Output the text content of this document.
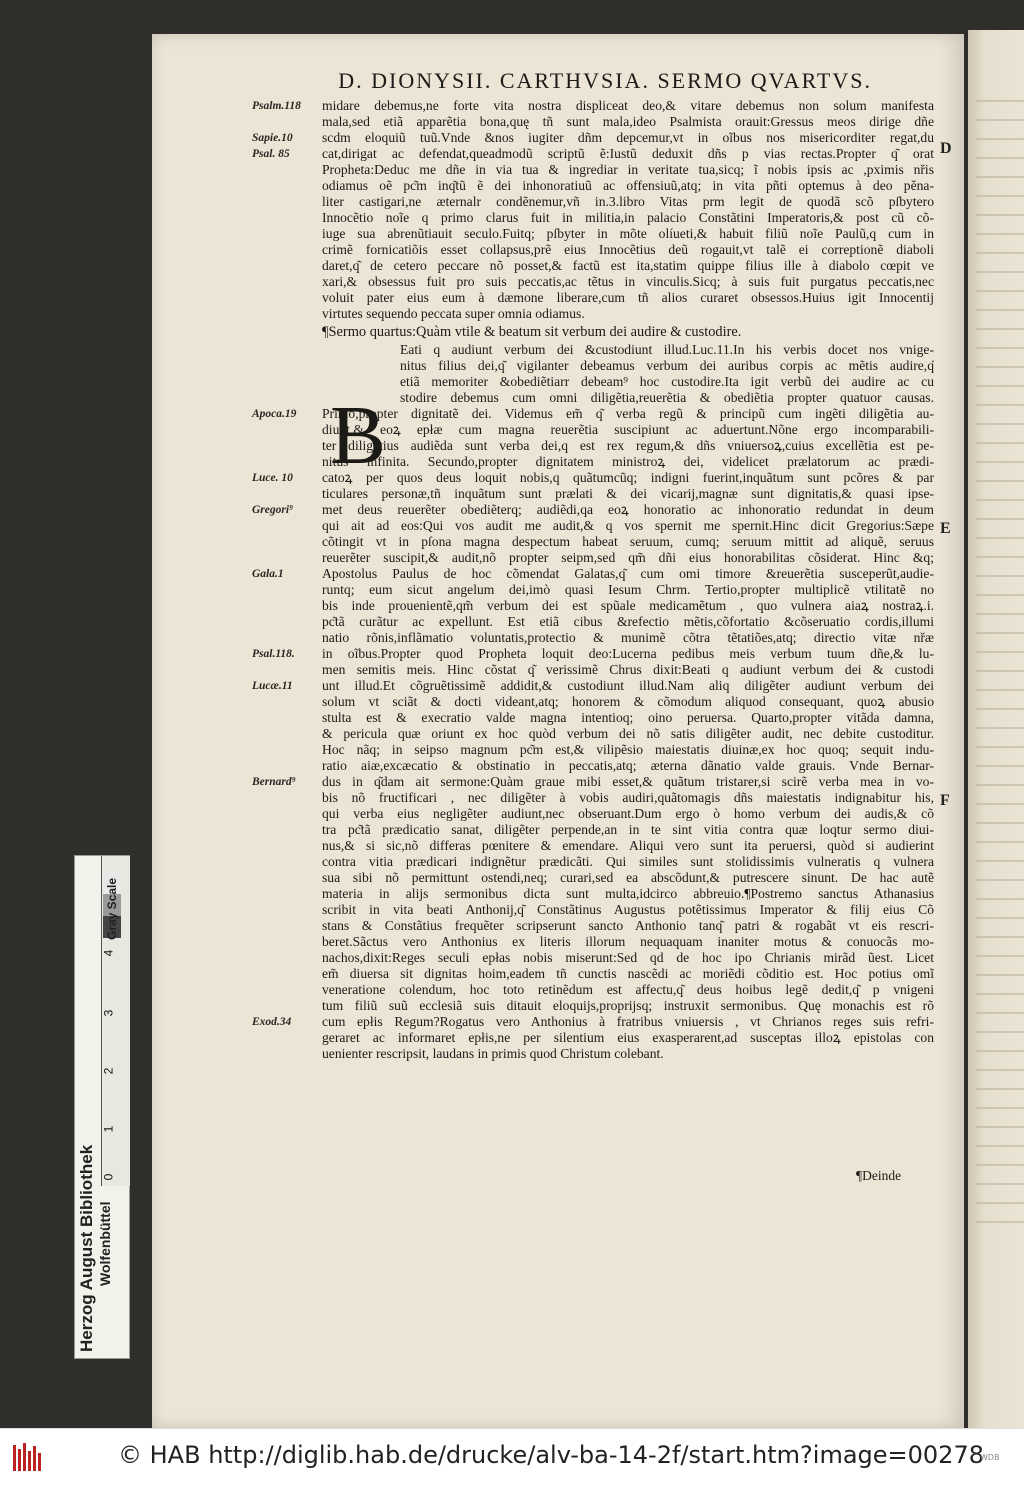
D. DIONYSII. CARTHVSIA. SERMO QVARTVS.
B
¶Deinde
midare debemus,ne forte vita nostra displiceat deo,& vitare debemus non solum manifesta
mala,sed etiã apparẽtia bona,quę tñ sunt mala,ideo Psalmista orauit:Gressus meos dirige dñe
scdm eloquiũ tuũ.Vnde &nos iugiter dñm depcemur,vt in oĩbus nos misericorditer regat,du
cat,dirigat ac defendat,queadmodũ scriptũ ẽ:Iustũ deduxit dñs p vias rectas.Propter q͂ orat
Propheta:Deduc me dñe in via tua & ingrediar in veritate tua,sicq; ĩ nobis ipsis ac ,pximis nřis
odiamus oẽ pc͂m inq͂tũ ẽ dei inhonoratiuũ ac offensiuũ,atq; in vita pñti optemus à deo pěna-
liter castigari,ne æternalr condẽnemur,vñ in.3.libro Vitas prm legit de quodã scõ pſbytero
Innocẽtio noĩe q primo clarus fuit in militia,in palacio Constãtini Imperatoris,& post cũ cõ-
iuge sua abrenũtiauit seculo.Fuitq; pſbyter in mõte olíueti,& habuit filiũ noĩe Paulũ,q cum in
crimẽ fornicatiõis esset collapsus,prẽ eius Innocẽtius deũ rogauit,vt talẽ ei correptionẽ diaboli
daret,q͂ de cetero peccare nõ posset,& factũ est ita,statim quippe filius ille à diabolo cœpit ve
xari,& obsessus fuit pro suis peccatis,ac tẽtus in vinculis.Sicq; à suis fuit purgatus peccatis,nec
voluit pater eius eum à dæmone liberare,cum tñ alios curaret obsessos.Huius igit Innocentij
virtutes sequendo peccata super omnia odiamus.
¶Sermo quartus:Quàm vtile & beatum sit verbum dei audire & custodire.
Eati q audiunt verbum dei &custodiunt illud.Luc.11.In his verbis docet nos vnige-
nitus filius dei,q͂ vigilanter debeamus verbum dei auribus corpis ac mẽtis audire,q͂
etiã memoriter &obediẽtiarr debeam⁹ hoc custodire.Ita igit verbũ dei audire ac cu
stodire debemus cum omni diligẽtia,reuerẽtia & obediẽtia propter quatuor causas.
Primo,propter dignitatẽ dei. Videmus em̃ q͂ verba regũ & principũ cum ingẽti diligẽtia au-
diunt,& eoꝝ epłæ cum magna reuerẽtia suscipiunt ac aduertunt.Nõne ergo incomparabili-
ter diligẽtius audiẽda sunt verba dei,q est rex regum,& dñs vniuersoꝝ,cuius excellẽtia est pe-
nitus infinita. Secundo,propter dignitatem ministroꝝ dei, videlicet prælatorum ac prædi-
catoꝝ per quos deus loquit nobis,q quãtumcũq; indigni fuerint,inquãtum sunt pcõres & par
ticulares personæ,tñ inquãtum sunt prælati & dei vicarij,magnæ sunt dignitatis,& quasi ipse-
met deus reuerẽter obediẽterq; audiẽdi,qa eoꝝ honoratio ac inhonoratio redundat in deum
qui ait ad eos:Qui vos audit me audit,& q vos spernit me spernit.Hinc dicit Gregorius:Sæpe
cõtingit vt in pſona magna despectum habeat seruum, cumq; seruum mittit ad aliquẽ, seruus
reuerẽter suscipit,& audit,nõ propter seipm,sed qm̃ dñi eius honorabilitas cõsiderat. Hinc &q;
Apostolus Paulus de hoc cõmendat Galatas,q͂ cum omi timore &reuerẽtia susceperũt,audie-
runtq; eum sicut angelum dei,imò quasi Iesum Chrm. Tertio,propter multiplicẽ vtilitatẽ no
bis inde prouenientẽ,qm̃ verbum dei est spũale medicamẽtum , quo vulnera aiaꝝ nostraꝝ.i.
pc͂tã curãtur ac expellunt. Est etiã cibus &refectio mẽtis,cõfortatio &cõseruatio cordis,illumi
natio rõnis,inflãmatio voluntatis,protectio & munimẽ cõtra tẽtatiões,atq; directio vitæ nřæ
in oĩbus.Propter quod Propheta loquit deo:Lucerna pedibus meis verbum tuum dñe,& lu-
men semitis meis. Hinc cõstat q͂ verissimẽ Chrus dixit:Beati q audiunt verbum dei & custodi
unt illud.Et cõgruẽtissimẽ addidit,& custodiunt illud.Nam aliq diligẽter audiunt verbum dei
solum vt sciãt & docti videant,atq; honorem & cõmodum aliquod consequant, quoꝝ abusio
stulta est & execratio valde magna intentioq; oino peruersa. Quarto,propter vitãda damna,
& pericula quæ oriunt ex hoc quòd verbum dei nõ satis diligẽter audit, nec debite custoditur.
Hoc nãq; in seipso magnum pc͂m est,& vilipẽsio maiestatis diuinæ,ex hoc quoq; sequit indu-
ratio aiæ,excæcatio & obstinatio in peccatis,atq; æterna dãnatio valde grauis. Vnde Bernar-
dus in q͂dam ait sermone:Quàm graue mibi esset,& quãtum tristarer,si scirẽ verba mea in vo-
bis nõ fructificari , nec diligẽter à vobis audiri,quãtomagis dñs maiestatis indignabitur his,
qui verba eius negligẽter audiunt,nec obseruant.Dum ergo ò homo verbum dei audis,& cõ
tra pc͂tã prædicatio sanat, diligẽter perpende,an in te sint vitia contra quæ loqtur sermo diui-
nus,& si sic,nõ differas pœnitere & emendare. Aliqui vero sunt ita peruersi, quòd si audierint
contra vitia prædicari indignẽtur prædicãti. Qui similes sunt stolidissimis vulneratis q vulnera
sua sibi nõ permittunt ostendi,neq; curari,sed ea abscõdunt,& putrescere sinunt. De hac autẽ
materia in alijs sermonibus dicta sunt multa,idcirco abbreuio.¶Postremo sanctus Athanasius
scribit in vita beati Anthonij,q͂ Constãtinus Augustus potẽtissimus Imperator & filij eius Cõ
stans & Constãtius frequẽter scripserunt sancto Anthonio tanq͂ patri & rogabãt vt eis rescri-
beret.Sãctus vero Anthonius ex literis illorum nequaquam inaniter motus & conuocãs mo-
nachos,dixit:Reges seculi epłas nobis miserunt:Sed qd de hoc ipo Chrianis mirãd ũest. Licet
em̃ diuersa sit dignitas hoim,eadem tñ cunctis nascẽdi ac moriẽdi cõditio est. Hoc potius omĩ
veneratione colendum, hoc toto retinẽdum est affectu,q͂ deus hoibus legẽ dedit,q͂ p vnigeni
tum filiũ suũ ecclesiã suis ditauit eloquijs,proprijsq; instruxit sermonibus. Quę monachis est rõ
cum epłis Regum?Rogatus vero Anthonius à fratribus vniuersis , vt Chrianos reges suis refri-
geraret ac informaret epłis,ne per silentium eius exasperarent,ad susceptas illoꝝ epistolas con
uenienter rescripsit, laudans in primis quod Christum colebant.
Psalm.118
Sapie.10
Psal. 85
Apoca.19
Luce. 10
Gregori⁹
Gala.1
Psal.118.
Lucæ.11
Bernard⁹
Exod.34
D
E
F
Herzog August Bibliothek Wolfenbüttel
Gray Scale
4
3
2
1
0
© HAB http://diglib.hab.de/drucke/alv-ba-14-2f/start.htm?image=00278
WDB
